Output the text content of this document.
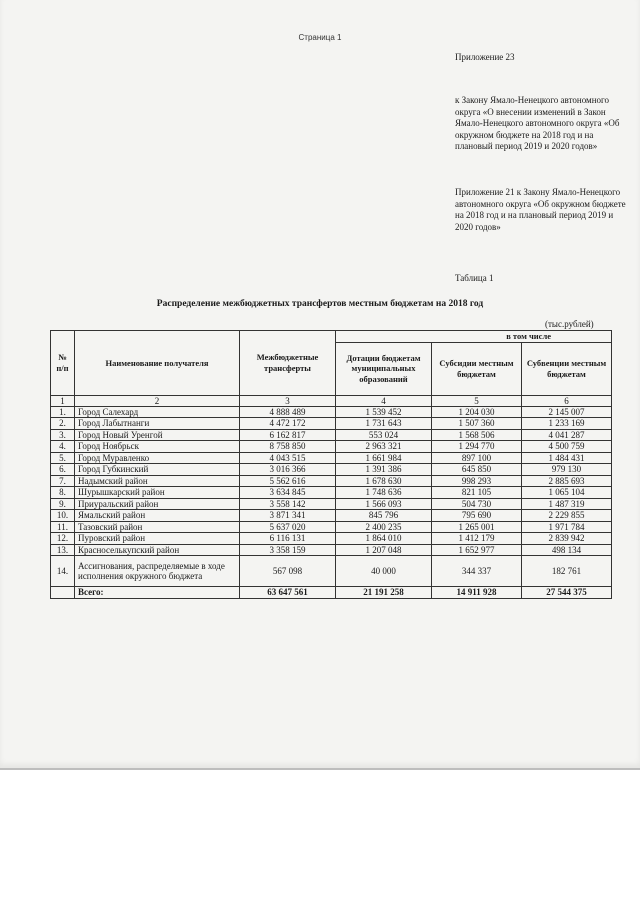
Страница 1
Приложение 23
к Закону Ямало-Ненецкого автономного округа «О внесении изменений в Закон Ямало-Ненецкого автономного округа «Об окружном бюджете на 2018 год и на плановый период 2019 и 2020 годов»
Приложение 21 к Закону Ямало-Ненецкого автономного округа «Об окружном бюджете на 2018 год и на плановый период 2019 и 2020 годов»
Таблица 1
Распределение межбюджетных трансфертов местным бюджетам на 2018 год
(тыс.рублей)
№ п/п	Наименование получателя	Межбюджетные трансферты	в том числе		
			Дотации бюджетам муниципальных образований	Субсидии местным бюджетам	Субвенции местным бюджетам
1	2	3	4	5	6
1.	Город Салехард	4 888 489	1 539 452	1 204 030	2 145 007
2.	Город Лабытнанги	4 472 172	1 731 643	1 507 360	1 233 169
3.	Город Новый Уренгой	6 162 817	553 024	1 568 506	4 041 287
4.	Город Ноябрьск	8 758 850	2 963 321	1 294 770	4 500 759
5.	Город Муравленко	4 043 515	1 661 984	897 100	1 484 431
6.	Город Губкинский	3 016 366	1 391 386	645 850	979 130
7.	Надымский район	5 562 616	1 678 630	998 293	2 885 693
8.	Шурышкарский район	3 634 845	1 748 636	821 105	1 065 104
9.	Приуральский район	3 558 142	1 566 093	504 730	1 487 319
10.	Ямальский район	3 871 341	845 796	795 690	2 229 855
11.	Тазовский район	5 637 020	2 400 235	1 265 001	1 971 784
12.	Пуровский район	6 116 131	1 864 010	1 412 179	2 839 942
13.	Красноселькупский район	3 358 159	1 207 048	1 652 977	498 134
14.	Ассигнования, распределяемые в ходе исполнения окружного бюджета	567 098	40 000	344 337	182 761
	Всего:	63 647 561	21 191 258	14 911 928	27 544 375
